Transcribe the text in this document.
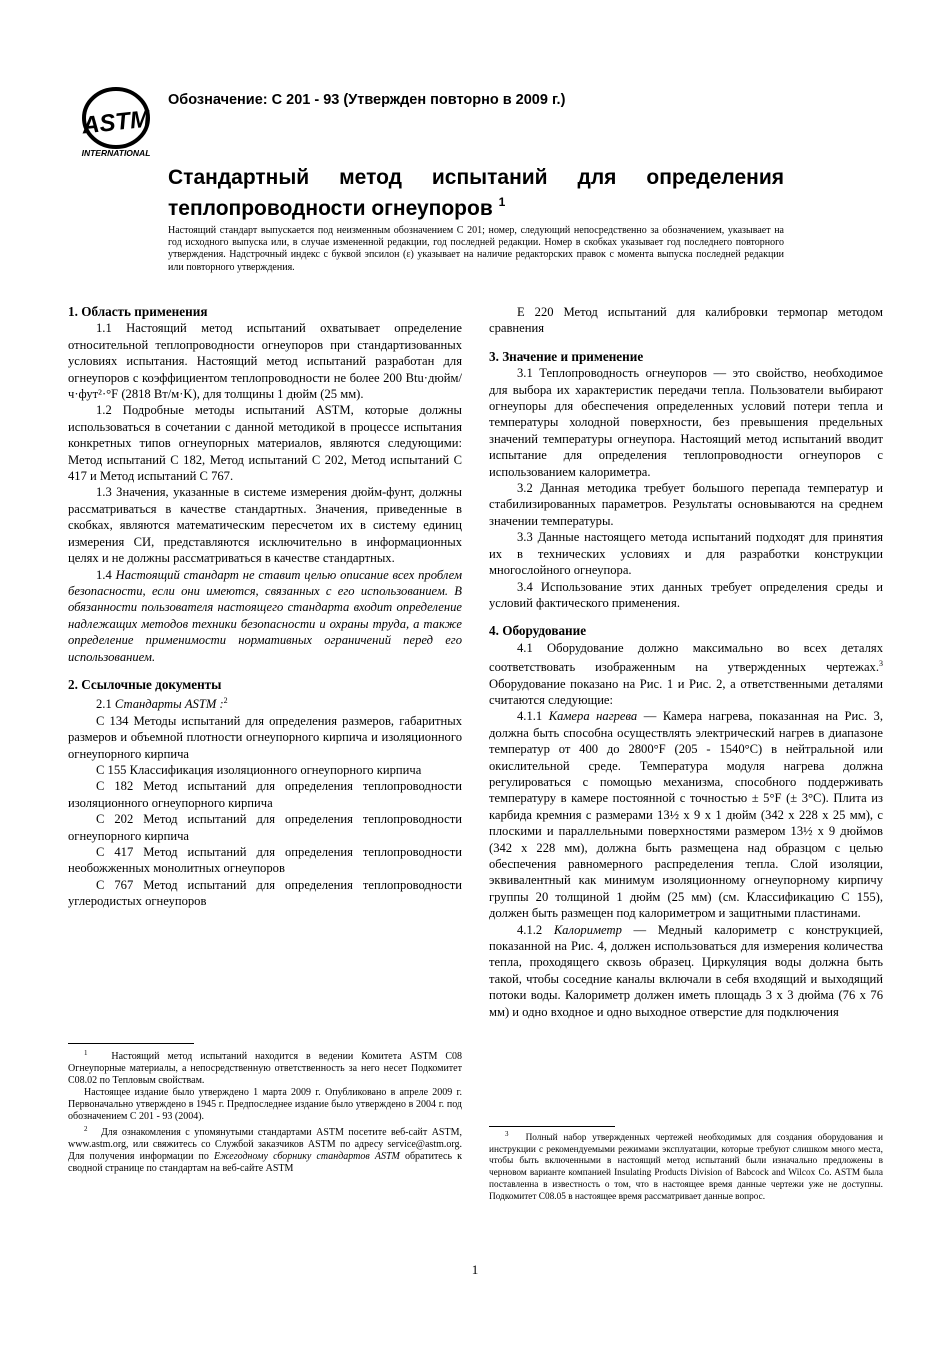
ASTM
INTERNATIONAL
Обозначение: С 201 - 93 (Утвержден повторно в 2009 г.)
Стандартный метод испытаний для определения
теплопроводности огнеупоров $^1$
Настоящий стандарт выпускается под неизменным обозначением С 201; номер, следующий непосредственно за обозначением, указывает на год исходного выпуска или, в случае измененной редакции, год последней редакции. Номер в скобках указывает год последнего повторного утверждения. Надстрочный индекс с буквой эпсилон (ε) указывает на наличие редакторских правок с момента выпуска последней редакции или повторного утверждения.

1. Область применения

1.1 Настоящий метод испытаний охватывает определение относительной теплопроводности огнеупоров при стандартизованных условиях испытания. Настоящий метод испытаний разработан для огнеупоров с коэффициентом теплопроводности не более 200 Btu·дюйм/ч·фут²·°F (2818 Вт/м·K), для толщины 1 дюйм (25 мм).

1.2 Подробные методы испытаний ASTM, которые должны использоваться в сочетании с данной методикой в процессе испытания конкретных типов огнеупорных материалов, являются следующими: Метод испытаний С 182, Метод испытаний С 202, Метод испытаний С 417 и Метод испытаний С 767.

1.3 Значения, указанные в системе измерения дюйм-фунт, должны рассматриваться в качестве стандартных. Значения, приведенные в скобках, являются математическим пересчетом их в систему единиц измерения СИ, представляются исключительно в информационных целях и не должны рассматриваться в качестве стандартных.

1.4 Настоящий стандарт не ставит целью описание всех проблем безопасности, если они имеются, связанных с его использованием. В обязанности пользователя настоящего стандарта входит определение надлежащих методов техники безопасности и охраны труда, а также определение применимости нормативных ограничений перед его использованием.

2. Ссылочные документы

2.1 Стандарты ASTM :$^2$

С 134 Методы испытаний для определения размеров, габаритных размеров и объемной плотности огнеупорного кирпича и изоляционного огнеупорного кирпича

С 155 Классификация изоляционного огнеупорного кирпича

С 182 Метод испытаний для определения теплопроводности изоляционного огнеупорного кирпича

С 202 Метод испытаний для определения теплопроводности огнеупорного кирпича

С 417 Метод испытаний для определения теплопроводности необожженных монолитных огнеупоров

С 767 Метод испытаний для определения теплопроводности углеродистых огнеупоров

$^1$ Настоящий метод испытаний находится в ведении Комитета ASTM C08 Огнеупорные материалы, а непосредственную ответственность за него несет Подкомитет C08.02 по Тепловым свойствам.

Настоящее издание было утверждено 1 марта 2009 г. Опубликовано в апреле 2009 г. Первоначально утверждено в 1945 г. Предпоследнее издание было утверждено в 2004 г. под обозначением С 201 - 93 (2004).

$^2$ Для ознакомления с упомянутыми стандартами ASTM посетите веб-сайт ASTM, www.astm.org, или свяжитесь со Службой заказчиков ASTM по адресу service@astm.org. Для получения информации по Ежегодному сборнику стандартов ASTM обратитесь к сводной странице по стандартам на веб-сайте ASTM

Е 220 Метод испытаний для калибровки термопар методом сравнения

3. Значение и применение

3.1 Теплопроводность огнеупоров — это свойство, необходимое для выбора их характеристик передачи тепла. Пользователи выбирают огнеупоры для обеспечения определенных условий потери тепла и температуры холодной поверхности, без превышения предельных значений температуры огнеупора. Настоящий метод испытаний вводит испытание для определения теплопроводности огнеупоров с использованием калориметра.

3.2 Данная методика требует большого перепада температур и стабилизированных параметров. Результаты основываются на среднем значении температуры.

3.3 Данные настоящего метода испытаний подходят для принятия их в технических условиях и для разработки конструкции многослойного огнеупора.

3.4 Использование этих данных требует определения среды и условий фактического применения.

4. Оборудование

4.1 Оборудование должно максимально во всех деталях соответствовать изображенным на утвержденных чертежах.$^3$ Оборудование показано на Рис. 1 и Рис. 2, а ответственными деталями считаются следующие:

4.1.1 Камера нагрева — Камера нагрева, показанная на Рис. 3, должна быть способна осуществлять электрический нагрев в диапазоне температур от 400 до 2800°F (205 - 1540°C) в нейтральной или окислительной среде. Температура модуля нагрева должна регулироваться с помощью механизма, способного поддерживать температуру в камере постоянной с точностью ± 5°F (± 3°C). Плита из карбида кремния с размерами 13½ х 9 х 1 дюйм (342 х 228 х 25 мм), с плоскими и параллельными поверхностями размером 13½ х 9 дюймов (342 х 228 мм), должна быть размещена над образцом с целью обеспечения равномерного распределения тепла. Слой изоляции, эквивалентный как минимум изоляционному огнеупорному кирпичу группы 20 толщиной 1 дюйм (25 мм) (см. Классификацию С 155), должен быть размещен под калориметром и защитными пластинами.

4.1.2 Калориметр — Медный калориметр с конструкцией, показанной на Рис. 4, должен использоваться для измерения количества тепла, проходящего сквозь образец. Циркуляция воды должна быть такой, чтобы соседние каналы включали в себя входящий и выходящий потоки воды. Калориметр должен иметь площадь 3 х 3 дюйма (76 х 76 мм) и одно входное и одно выходное отверстие для подключения

$^3$ Полный набор утвержденных чертежей необходимых для создания оборудования и инструкции с рекомендуемыми режимами эксплуатации, которые требуют слишком много места, чтобы быть включенными в настоящий метод испытаний были изначально предложены в черновом варианте компанией Insulating Products Division of Babcock and Wilcox Co. ASTM была поставленна в известность о том, что в настоящее время данные чертежи уже не доступны. Подкомитет C08.05 в настоящее время рассматривает данные вопрос.

1
